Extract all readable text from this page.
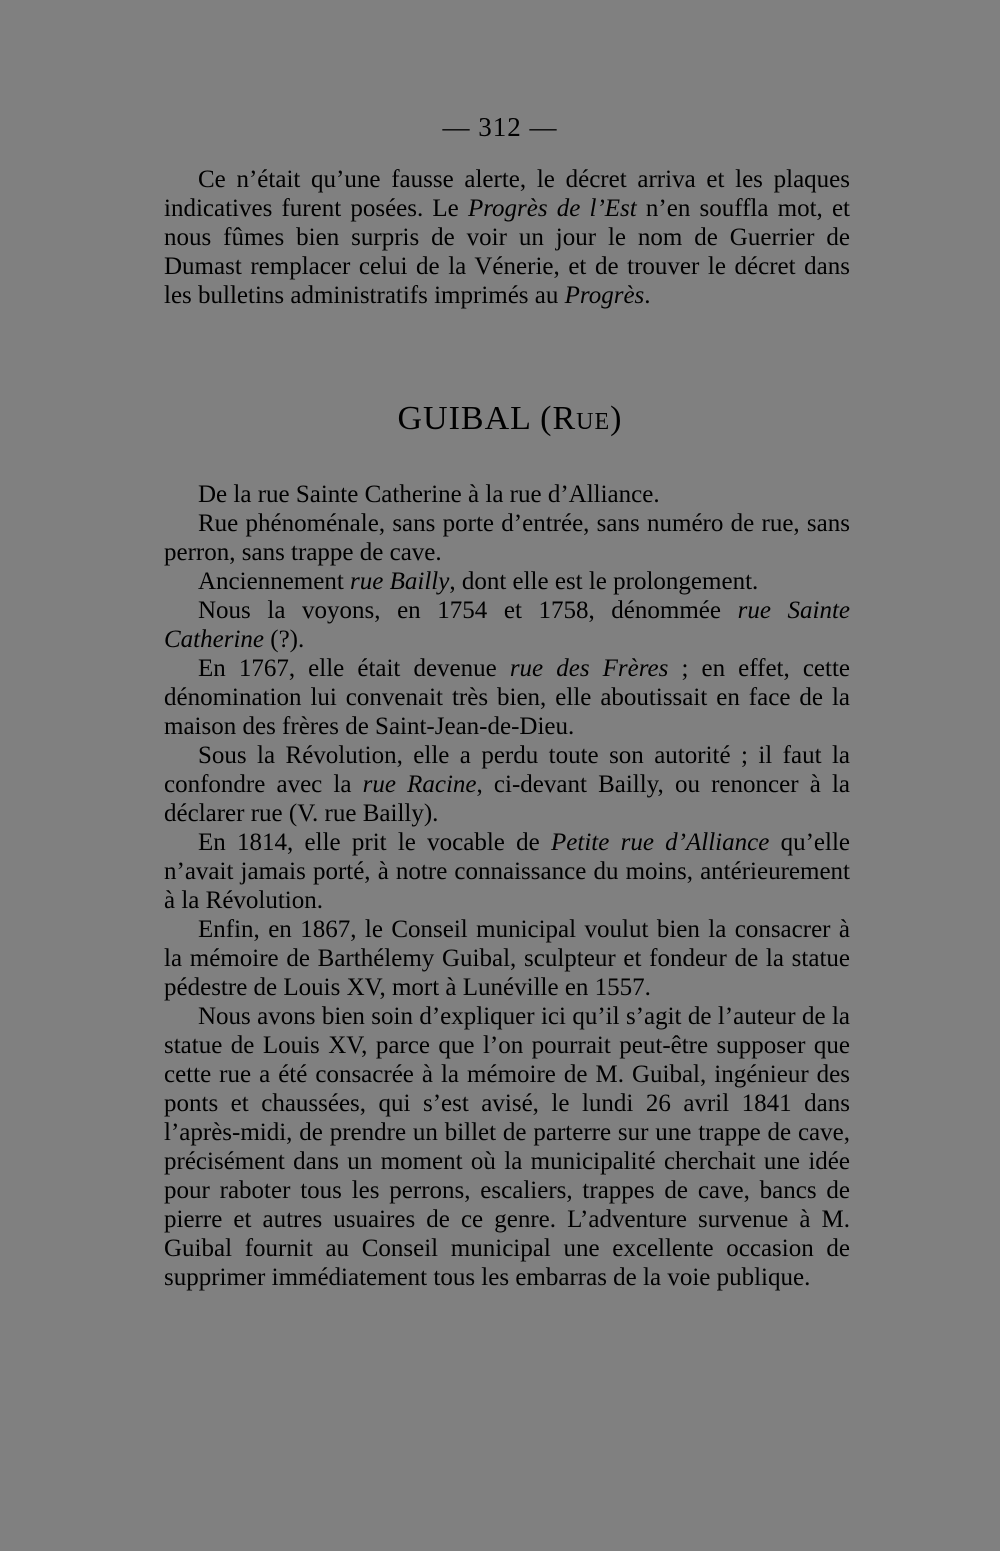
— 312 —

Ce n’était qu’une fausse alerte, le décret arriva et les plaques indicatives furent posées. Le Progrès de l’Est n’en souffla mot, et nous fûmes bien surpris de voir un jour le nom de Guerrier de Dumast remplacer celui de la Vénerie, et de trouver le décret dans les bulletins administratifs imprimés au Progrès.

GUIBAL (Rue)

De la rue Sainte Catherine à la rue d’Alliance.

Rue phénoménale, sans porte d’entrée, sans numéro de rue, sans perron, sans trappe de cave.

Anciennement rue Bailly, dont elle est le prolongement.

Nous la voyons, en 1754 et 1758, dénommée rue Sainte Catherine (?).

En 1767, elle était devenue rue des Frères ; en effet, cette dénomination lui convenait très bien, elle aboutissait en face de la maison des frères de Saint-Jean-de-Dieu.

Sous la Révolution, elle a perdu toute son autorité ; il faut la confondre avec la rue Racine, ci-devant Bailly, ou renoncer à la déclarer rue (V. rue Bailly).

En 1814, elle prit le vocable de Petite rue d’Alliance qu’elle n’avait jamais porté, à notre connaissance du moins, antérieurement à la Révolution.

Enfin, en 1867, le Conseil municipal voulut bien la consacrer à la mémoire de Barthélemy Guibal, sculpteur et fondeur de la statue pédestre de Louis XV, mort à Lunéville en 1557.

Nous avons bien soin d’expliquer ici qu’il s’agit de l’auteur de la statue de Louis XV, parce que l’on pourrait peut-être supposer que cette rue a été consacrée à la mémoire de M. Guibal, ingénieur des ponts et chaussées, qui s’est avisé, le lundi 26 avril 1841 dans l’après-midi, de prendre un billet de parterre sur une trappe de cave, précisément dans un moment où la municipalité cherchait une idée pour raboter tous les perrons, escaliers, trappes de cave, bancs de pierre et autres usuaires de ce genre. L’adventure survenue à M. Guibal fournit au Conseil municipal une excellente occasion de supprimer immédiatement tous les embarras de la voie publique.
